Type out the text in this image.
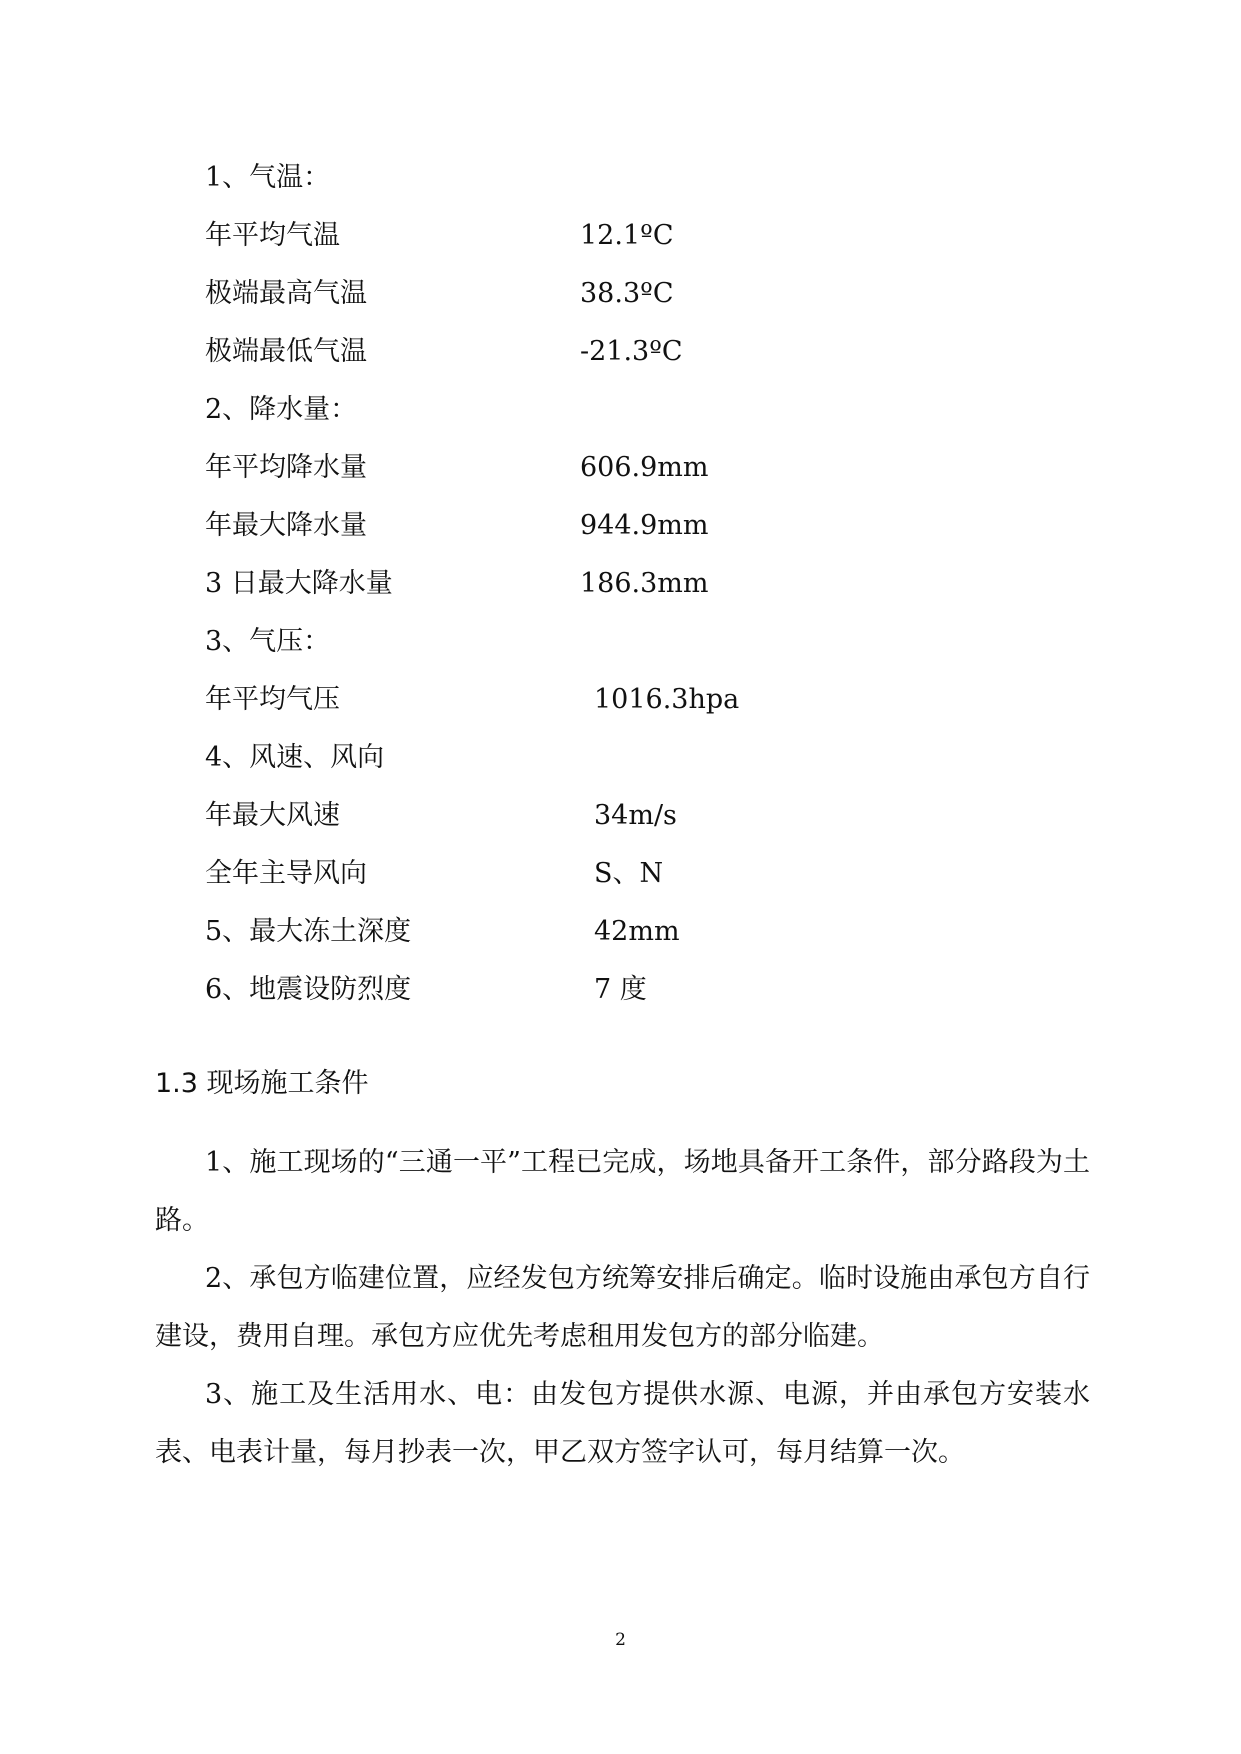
1、气温：
年平均气温	12.1ºC
极端最高气温	38.3ºC
极端最低气温	-21.3ºC
2、降水量：
年平均降水量	606.9mm
年最大降水量	944.9mm
3 日最大降水量	186.3mm
3、气压：
年平均气压	1016.3hpa
4、风速、风向
年最大风速	34m/s
全年主导风向	S、N
5、最大冻土深度	42mm
6、地震设防烈度	7 度
1.3 现场施工条件

1、施工现场的“三通一平”工程已完成，场地具备开工条件，部分路段为土路。

2、承包方临建位置，应经发包方统筹安排后确定。临时设施由承包方自行建设，费用自理。承包方应优先考虑租用发包方的部分临建。

3、施工及生活用水、电：由发包方提供水源、电源，并由承包方安装水表、电表计量，每月抄表一次，甲乙双方签字认可，每月结算一次。

2
